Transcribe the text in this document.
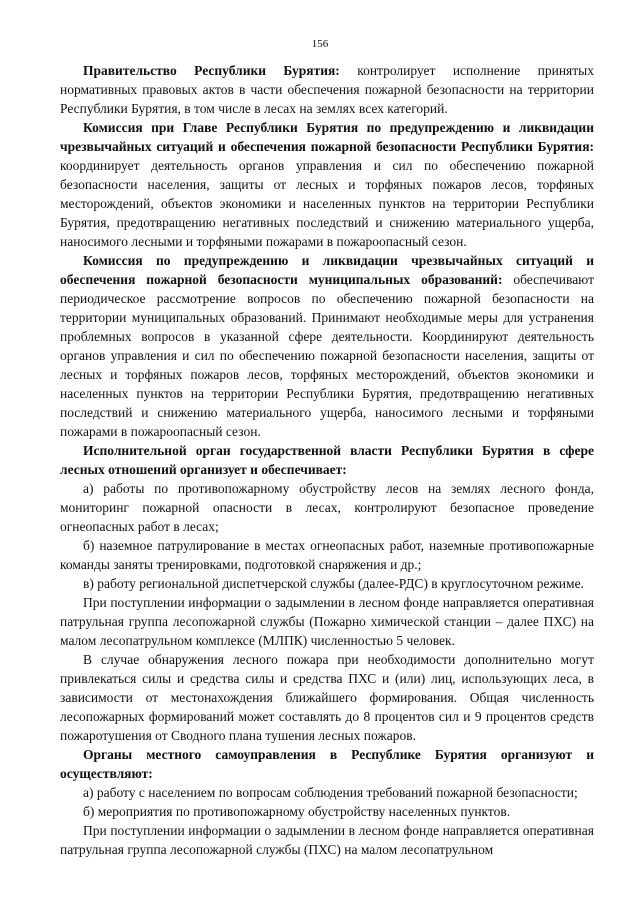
156

Правительство Республики Бурятия: контролирует исполнение принятых нормативных правовых актов в части обеспечения пожарной безопасности на территории Республики Бурятия, в том числе в лесах на землях всех категорий.

Комиссия при Главе Республики Бурятия по предупреждению и ликвидации чрезвычайных ситуаций и обеспечения пожарной безопасности Республики Бурятия: координирует деятельность органов управления и сил по обеспечению пожарной безопасности населения, защиты от лесных и торфяных пожаров лесов, торфяных месторождений, объектов экономики и населенных пунктов на территории Республики Бурятия, предотвращению негативных последствий и снижению материального ущерба, наносимого лесными и торфяными пожарами в пожароопасный сезон.

Комиссия по предупреждению и ликвидации чрезвычайных ситуаций и обеспечения пожарной безопасности муниципальных образований: обеспечивают периодическое рассмотрение вопросов по обеспечению пожарной безопасности на территории муниципальных образований. Принимают необходимые меры для устранения проблемных вопросов в указанной сфере деятельности. Координируют деятельность органов управления и сил по обеспечению пожарной безопасности населения, защиты от лесных и торфяных пожаров лесов, торфяных месторождений, объектов экономики и населенных пунктов на территории Республики Бурятия, предотвращению негативных последствий и снижению материального ущерба, наносимого лесными и торфяными пожарами в пожароопасный сезон.

Исполнительной орган государственной власти Республики Бурятия в сфере лесных отношений организует и обеспечивает:

а) работы по противопожарному обустройству лесов на землях лесного фонда, мониторинг пожарной опасности в лесах, контролируют безопасное проведение огнеопасных работ в лесах;

б) наземное патрулирование в местах огнеопасных работ, наземные противопожарные команды заняты тренировками, подготовкой снаряжения и др.;

в) работу региональной диспетчерской службы (далее-РДС) в круглосуточном режиме.

При поступлении информации о задымлении в лесном фонде направляется оперативная патрульная группа лесопожарной службы (Пожарно химической станции – далее ПХС) на малом лесопатрульном комплексе (МЛПК) численностью 5 человек.

В случае обнаружения лесного пожара при необходимости дополнительно могут привлекаться силы и средства силы и средства ПХС и (или) лиц, использующих леса, в зависимости от местонахождения ближайшего формирования. Общая численность лесопожарных формирований может составлять до 8 процентов сил и 9 процентов средств пожаротушения от Сводного плана тушения лесных пожаров.

Органы местного самоуправления в Республике Бурятия организуют и осуществляют:

а) работу с населением по вопросам соблюдения требований пожарной безопасности;

б) мероприятия по противопожарному обустройству населенных пунктов.

При поступлении информации о задымлении в лесном фонде направляется оперативная патрульная группа лесопожарной службы (ПХС) на малом лесопатрульном
